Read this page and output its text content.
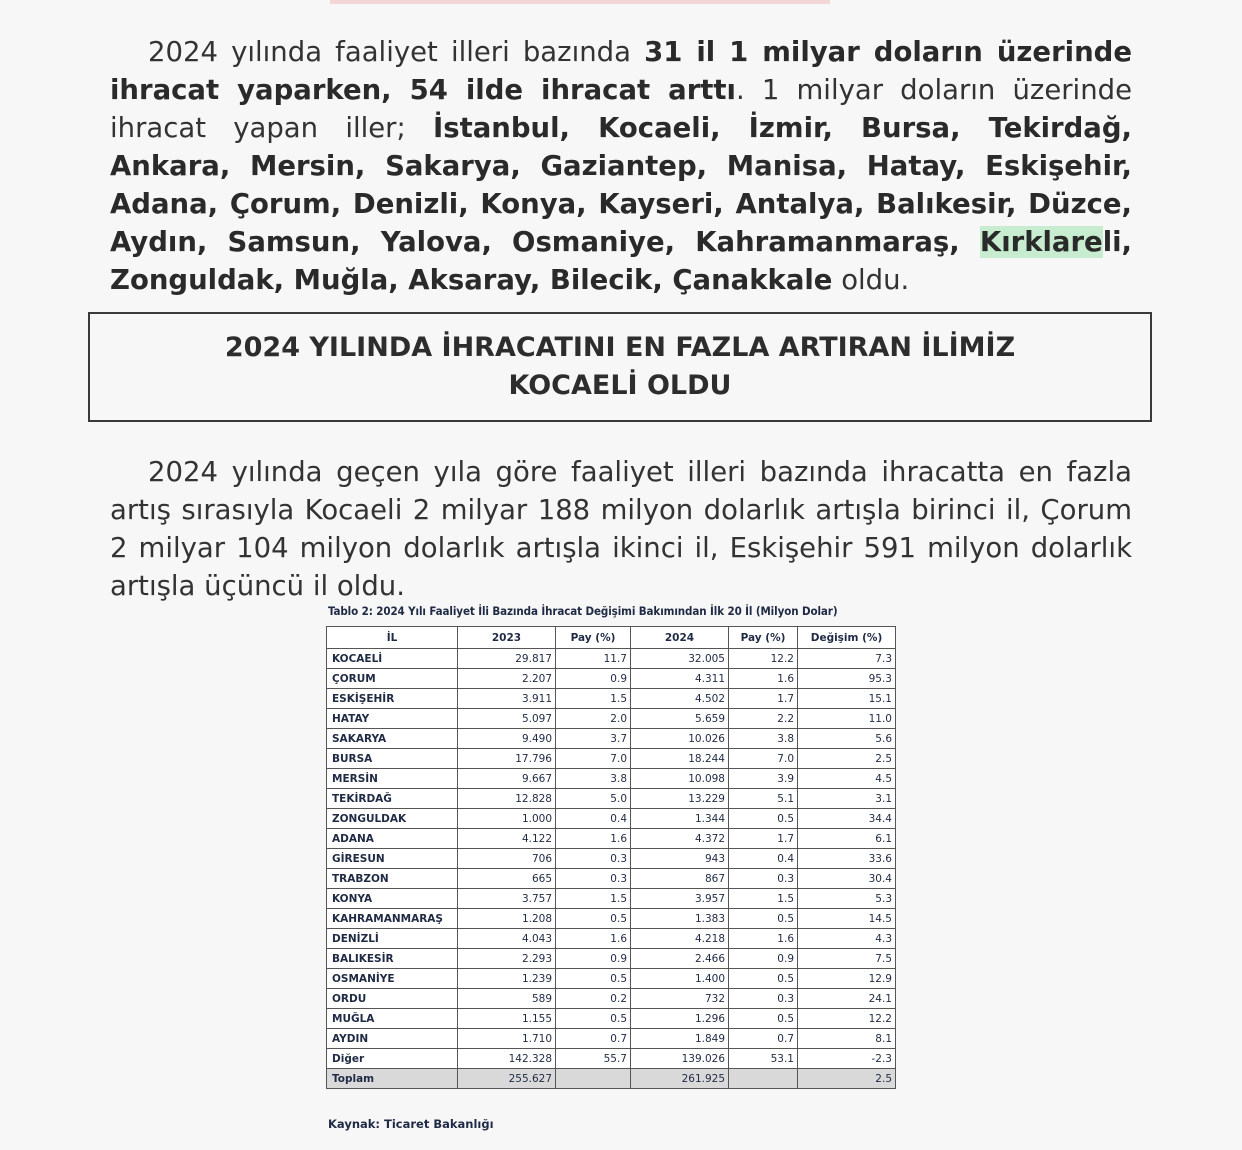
2024 yılında faaliyet illeri bazında 31 il 1 milyar doların üzerinde ihracat yaparken, 54 ilde ihracat arttı. 1 milyar doların üzerinde ihracat yapan iller; İstanbul, Kocaeli, İzmir, Bursa, Tekirdağ, Ankara, Mersin, Sakarya, Gaziantep, Manisa, Hatay, Eskişehir, Adana, Çorum, Denizli, Konya, Kayseri, Antalya, Balıkesir, Düzce, Aydın, Samsun, Yalova, Osmaniye, Kahramanmaraş, Kırklareli, Zonguldak, Muğla, Aksaray, Bilecik, Çanakkale oldu.

2024 YILINDA İHRACATINI EN FAZLA ARTIRAN İLİMİZ
KOCAELİ OLDU

2024 yılında geçen yıla göre faaliyet illeri bazında ihracatta en fazla artış sırasıyla Kocaeli 2 milyar 188 milyon dolarlık artışla birinci il, Çorum 2 milyar 104 milyon dolarlık artışla ikinci il, Eskişehir 591 milyon dolarlık artışla üçüncü il oldu.

Tablo 2: 2024 Yılı Faaliyet İli Bazında İhracat Değişimi Bakımından İlk 20 İl (Milyon Dolar)
İL	2023	Pay (%)	2024	Pay (%)	Değişim (%)
KOCAELİ	29.817	11.7	32.005	12.2	7.3
ÇORUM	2.207	0.9	4.311	1.6	95.3
ESKİŞEHİR	3.911	1.5	4.502	1.7	15.1
HATAY	5.097	2.0	5.659	2.2	11.0
SAKARYA	9.490	3.7	10.026	3.8	5.6
BURSA	17.796	7.0	18.244	7.0	2.5
MERSİN	9.667	3.8	10.098	3.9	4.5
TEKİRDAĞ	12.828	5.0	13.229	5.1	3.1
ZONGULDAK	1.000	0.4	1.344	0.5	34.4
ADANA	4.122	1.6	4.372	1.7	6.1
GİRESUN	706	0.3	943	0.4	33.6
TRABZON	665	0.3	867	0.3	30.4
KONYA	3.757	1.5	3.957	1.5	5.3
KAHRAMANMARAŞ	1.208	0.5	1.383	0.5	14.5
DENİZLİ	4.043	1.6	4.218	1.6	4.3
BALIKESİR	2.293	0.9	2.466	0.9	7.5
OSMANİYE	1.239	0.5	1.400	0.5	12.9
ORDU	589	0.2	732	0.3	24.1
MUĞLA	1.155	0.5	1.296	0.5	12.2
AYDIN	1.710	0.7	1.849	0.7	8.1
Diğer	142.328	55.7	139.026	53.1	-2.3
Toplam	255.627		261.925		2.5
Kaynak: Ticaret Bakanlığı
